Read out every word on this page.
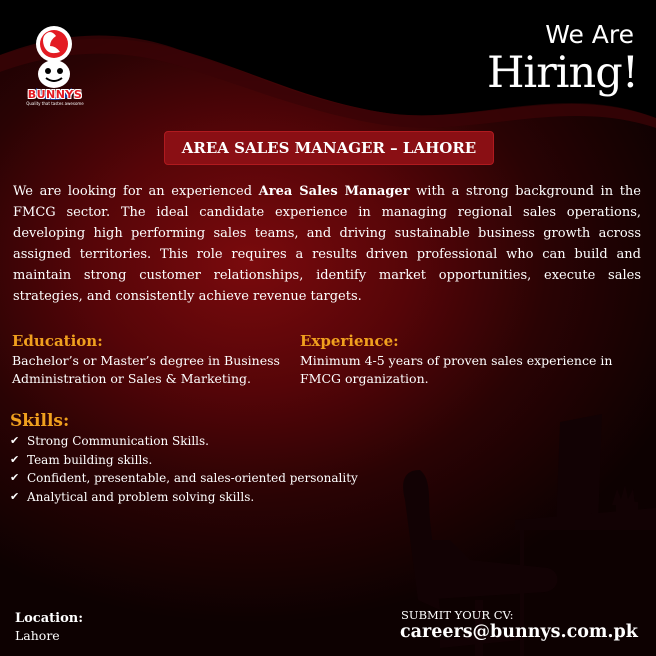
BUNNYS
Quality that tastes awesome
We Are
Hiring!
AREA SALES MANAGER – LAHORE

We are looking for an experienced Area Sales Manager with a strong background in the FMCG sector. The ideal candidate experience in managing regional sales operations, developing high performing sales teams, and driving sustainable business growth across assigned territories. This role requires a results driven professional who can build and maintain strong customer relationships, identify market opportunities, execute sales strategies, and consistently achieve revenue targets.

Education:
Bachelor’s or Master’s degree in Business Administration or Sales & Marketing.
Experience:
Minimum 4-5 years of proven sales experience in FMCG organization.
Skills:
✔ Strong Communication Skills.
✔ Team building skills.
✔ Confident, presentable, and sales-oriented personality
✔ Analytical and problem solving skills.
Location:
Lahore
SUBMIT YOUR CV:
careers@bunnys.com.pk
